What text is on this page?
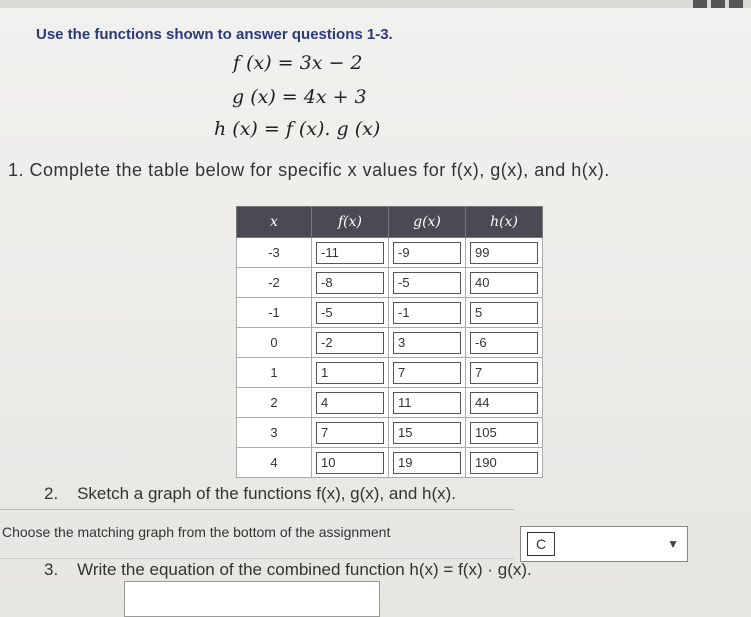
Use the functions shown to answer questions 1-3.
f (x) = 3x − 2
g (x) = 4x + 3
h (x) = f (x). g (x)
1. Complete the table below for specific x values for f(x), g(x), and h(x).
x	f(x)	g(x)	h(x)
-3	-11	-9	99

-2	-8	-5	40

-1	-5	-1	5

0	-2	3	-6

1	1	7	7

2	4	11	44

3	7	15	105

4	10	19	190
2. Sketch a graph of the functions f(x), g(x), and h(x).
Choose the matching graph from the bottom of the assignment
C	▼
3. Write the equation of the combined function h(x) = f(x) · g(x).
